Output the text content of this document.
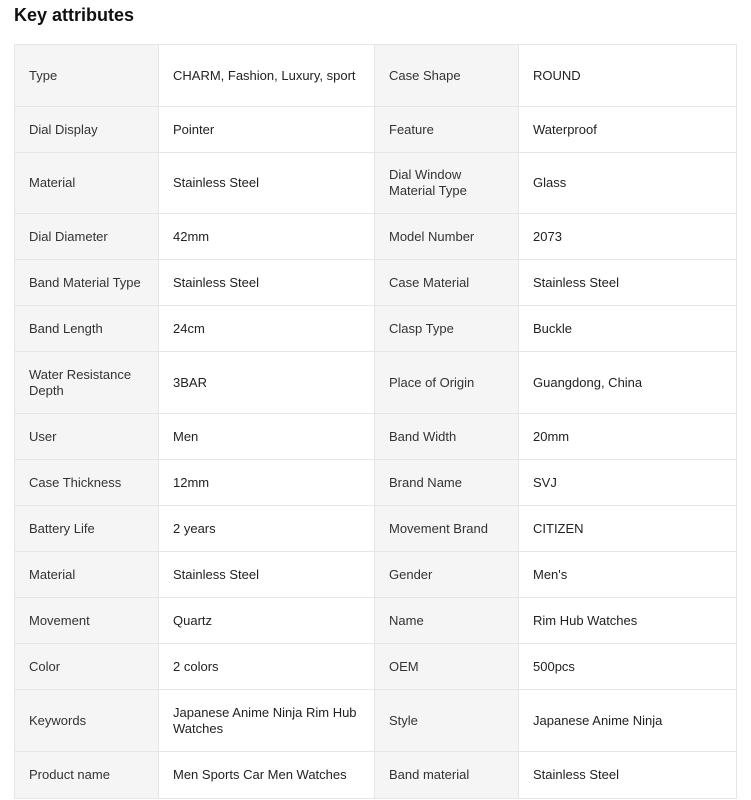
Key attributes
Type	CHARM, Fashion, Luxury, sport	Case Shape	ROUND
Dial Display	Pointer	Feature	Waterproof
Material	Stainless Steel	Dial Window Material Type	Glass
Dial Diameter	42mm	Model Number	2073
Band Material Type	Stainless Steel	Case Material	Stainless Steel
Band Length	24cm	Clasp Type	Buckle
Water Resistance Depth	3BAR	Place of Origin	Guangdong, China
User	Men	Band Width	20mm
Case Thickness	12mm	Brand Name	SVJ
Battery Life	2 years	Movement Brand	CITIZEN
Material	Stainless Steel	Gender	Men's
Movement	Quartz	Name	Rim Hub Watches
Color	2 colors	OEM	500pcs
Keywords	Japanese Anime Ninja Rim Hub Watches	Style	Japanese Anime Ninja
Product name	Men Sports Car Men Watches	Band material	Stainless Steel
